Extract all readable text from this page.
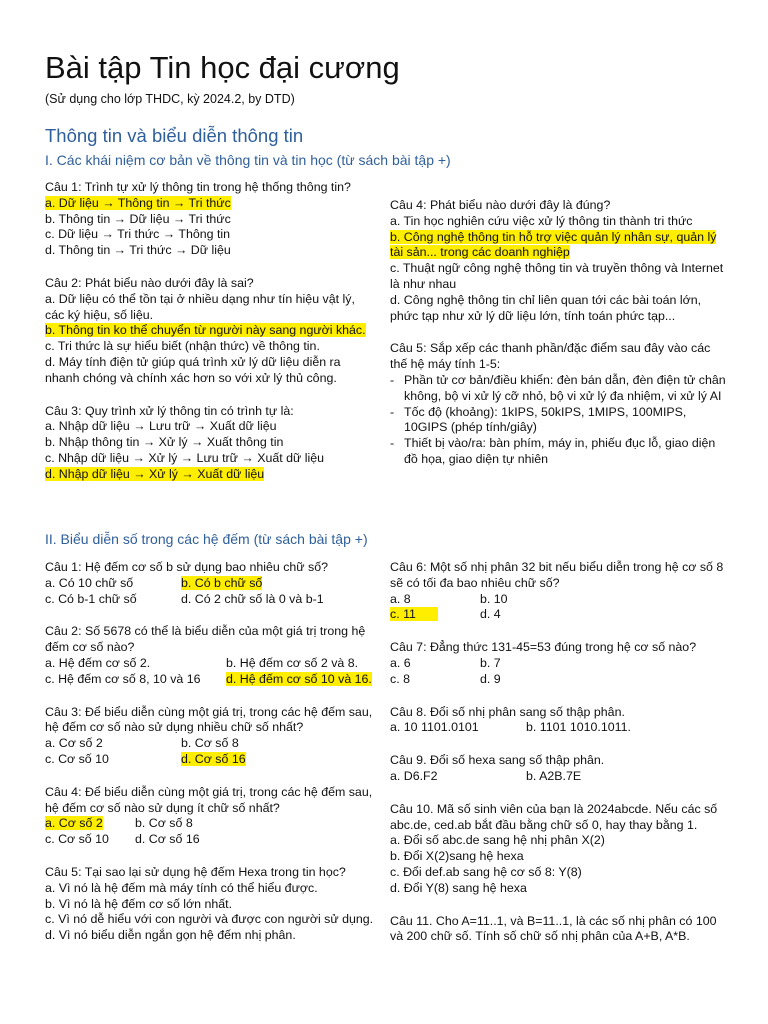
Bài tập Tin học đại cương
(Sử dụng cho lớp THDC, kỳ 2024.2, by DTD)
Thông tin và biểu diễn thông tin
I. Các khái niệm cơ bản về thông tin và tin học (từ sách bài tập +)
Câu 1: Trình tự xử lý thông tin trong hệ thống thông tin?
a. Dữ liệu → Thông tin → Tri thức
b. Thông tin → Dữ liệu → Tri thức
c. Dữ liệu → Tri thức → Thông tin
d. Thông tin → Tri thức → Dữ liệu
Câu 2: Phát biểu nào dưới đây là sai?
a. Dữ liệu có thể tồn tại ở nhiều dạng như tín hiệu vật lý, các ký hiệu, số liệu.
b. Thông tin ko thể chuyển từ người này sang người khác.
c. Tri thức là sự hiểu biết (nhận thức) về thông tin.
d. Máy tính điện tử giúp quá trình xử lý dữ liệu diễn ra nhanh chóng và chính xác hơn so với xử lý thủ công.
Câu 3: Quy trình xử lý thông tin có trình tự là:
a. Nhập dữ liệu → Lưu trữ → Xuất dữ liệu
b. Nhập thông tin → Xử lý → Xuất thông tin
c. Nhập dữ liệu → Xử lý → Lưu trữ → Xuất dữ liệu
d. Nhập dữ liệu → Xử lý → Xuất dữ liệu
Câu 4: Phát biểu nào dưới đây là đúng?
a. Tin học nghiên cứu việc xử lý thông tin thành tri thức
b. Công nghệ thông tin hỗ trợ việc quản lý nhân sự, quản lý tài sản... trong các doanh nghiệp
c. Thuật ngữ công nghệ thông tin và truyền thông và Internet là như nhau
d. Công nghệ thông tin chỉ liên quan tới các bài toán lớn, phức tạp như xử lý dữ liệu lớn, tính toán phức tạp...
Câu 5: Sắp xếp các thanh phần/đặc điểm sau đây vào các thế hệ máy tính 1-5:
- Phần tử cơ bản/điều khiển: đèn bán dẫn, đèn điện tử chân không, bộ vi xử lý cỡ nhỏ, bộ vi xử lý đa nhiệm, vi xử lý AI
- Tốc độ (khoảng): 1kIPS, 50kIPS, 1MIPS, 100MIPS, 10GIPS (phép tính/giây)
- Thiết bị vào/ra: bàn phím, máy in, phiếu đục lỗ, giao diện đồ họa, giao diện tự nhiên
II. Biểu diễn số trong các hệ đếm (từ sách bài tập +)
Câu 1: Hệ đếm cơ số b sử dụng bao nhiêu chữ số?
a. Có 10 chữ số	b. Có b chữ số
c. Có b-1 chữ số	d. Có 2 chữ số là 0 và b-1
Câu 2: Số 5678 có thể là biểu diễn của một giá trị trong hệ đếm cơ số nào?
a. Hệ đếm cơ số 2.	b. Hệ đếm cơ số 2 và 8.
c. Hệ đếm cơ số 8, 10 và 16	d. Hệ đếm cơ số 10 và 16.
Câu 3: Để biểu diễn cùng một giá trị, trong các hệ đếm sau, hệ đếm cơ số nào sử dụng nhiều chữ số nhất?
a. Cơ số 2	b. Cơ số 8
c. Cơ số 10	d. Cơ số 16
Câu 4: Để biểu diễn cùng một giá trị, trong các hệ đếm sau, hệ đếm cơ số nào sử dụng ít chữ số nhất?
a. Cơ số 2	b. Cơ số 8
c. Cơ số 10	d. Cơ số 16
Câu 5: Tại sao lại sử dụng hệ đếm Hexa trong tin học?
a. Vì nó là hệ đếm mà máy tính có thể hiểu được.
b. Vì nó là hệ đếm cơ số lớn nhất.
c. Vì nó dễ hiểu với con người và được con người sử dụng.
d. Vì nó biểu diễn ngắn gọn hệ đếm nhị phân.
Câu 6: Một số nhị phân 32 bit nếu biểu diễn trong hệ cơ số 8 sẽ có tối đa bao nhiêu chữ số?
a. 8	b. 10
c. 11	d. 4
Câu 7: Đẳng thức 131-45=53 đúng trong hệ cơ số nào?
a. 6	b. 7
c. 8	d. 9
Câu 8. Đổi số nhị phân sang số thập phân.
a. 10 1101.0101	b. 1101 1010.1011.
Câu 9. Đổi số hexa sang số thập phân.
a. D6.F2	b. A2B.7E
Câu 10. Mã số sinh viên của bạn là 2024abcde. Nếu các số abc.de, ced.ab bắt đầu bằng chữ số 0, hay thay bằng 1.
a. Đổi số abc.de sang hệ nhị phân X(2)
b. Đổi X(2)sang hệ hexa
c. Đổi def.ab sang hệ cơ số 8: Y(8)
d. Đổi Y(8) sang hệ hexa
Câu 11. Cho A=11..1, và B=11..1, là các số nhị phân có 100 và 200 chữ số. Tính số chữ số nhị phân của A+B, A*B.
